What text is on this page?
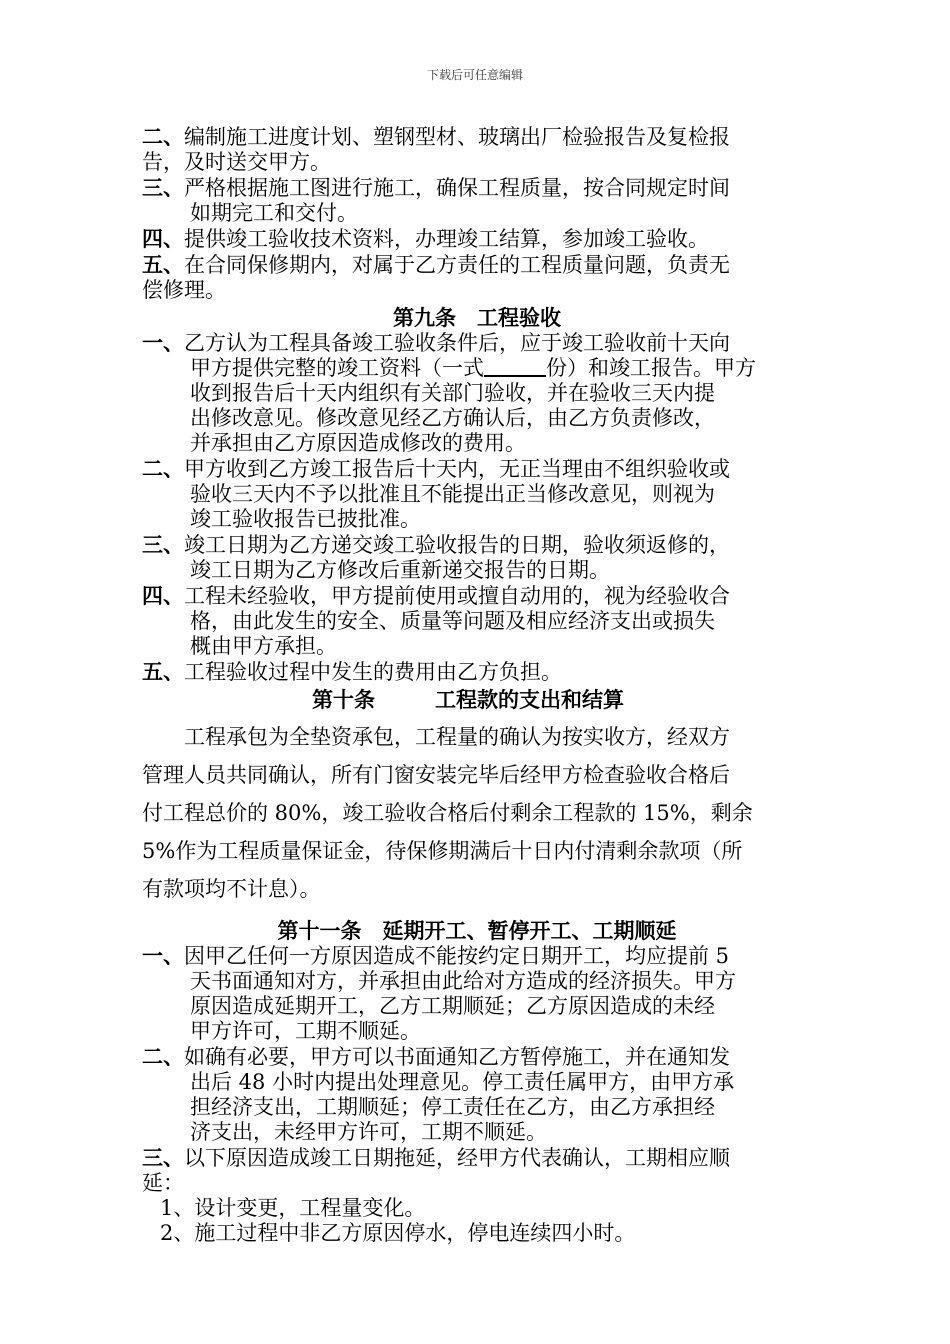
下载后可任意编辑

二、编制施工进度计划、塑钢型材、玻璃出厂检验报告及复检报

告，及时送交甲方。

三、严格根据施工图进行施工，确保工程质量，按合同规定时间

如期完工和交付。

四、提供竣工验收技术资料，办理竣工结算，参加竣工验收。

五、在合同保修期内，对属于乙方责任的工程质量问题，负责无

偿修理。

第九条　工程验收

一、乙方认为工程具备竣工验收条件后，应于竣工验收前十天向

甲方提供完整的竣工资料（一式	份）和竣工报告。甲方

收到报告后十天内组织有关部门验收，并在验收三天内提

出修改意见。修改意见经乙方确认后，由乙方负责修改，

并承担由乙方原因造成修改的费用。

二、甲方收到乙方竣工报告后十天内，无正当理由不组织验收或

验收三天内不予以批准且不能提出正当修改意见，则视为

竣工验收报告已披批准。

三、竣工日期为乙方递交竣工验收报告的日期，验收须返修的，

竣工日期为乙方修改后重新递交报告的日期。

四、工程未经验收，甲方提前使用或擅自动用的，视为经验收合

格，由此发生的安全、质量等问题及相应经济支出或损失

概由甲方承担。

五、工程验收过程中发生的费用由乙方负担。

第十条	工程款的支出和结算
工程承包为全垫资承包，工程量的确认为按实收方，经双方
管理人员共同确认，所有门窗安装完毕后经甲方检查验收合格后
付工程总价的 80%，竣工验收合格后付剩余工程款的 15%，剩余
5%作为工程质量保证金，待保修期满后十日内付清剩余款项（所
有款项均不计息）。
第十一条　延期开工、暂停开工、工期顺延

一、因甲乙任何一方原因造成不能按约定日期开工，均应提前 5

天书面通知对方，并承担由此给对方造成的经济损失。甲方

原因造成延期开工，乙方工期顺延；乙方原因造成的未经

甲方许可，工期不顺延。

二、如确有必要，甲方可以书面通知乙方暂停施工，并在通知发

出后 48 小时内提出处理意见。停工责任属甲方，由甲方承

担经济支出，工期顺延；停工责任在乙方，由乙方承担经

济支出，未经甲方许可，工期不顺延。

三、以下原因造成竣工日期拖延，经甲方代表确认，工期相应顺

延：

1、设计变更，工程量变化。

2、施工过程中非乙方原因停水，停电连续四小时。
